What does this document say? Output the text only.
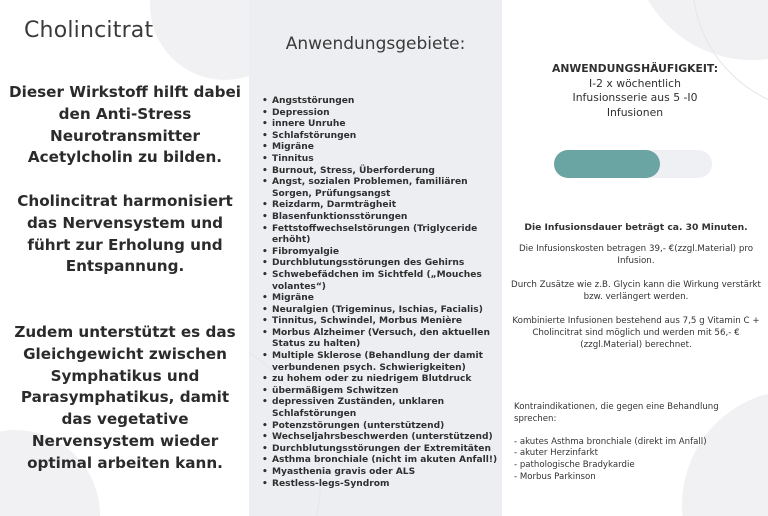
Cholincitrat
Dieser Wirkstoff hilft dabei den Anti-Stress Neurotransmitter Acetylcholin zu bilden.
Cholincitrat harmonisiert das Nervensystem und führt zur Erholung und Entspannung.
Zudem unterstützt es das Gleichgewicht zwischen Symphatikus und Parasymphatikus, damit das vegetative Nervensystem wieder optimal arbeiten kann.
Anwendungsgebiete:
• Angststörungen
• Depression
• innere Unruhe
• Schlafstörungen
• Migräne
• Tinnitus
• Burnout, Stress, Überforderung
• Angst, sozialen Problemen, familiären Sorgen, Prüfungsangst
• Reizdarm, Darmträgheit
• Blasenfunktionsstörungen
• Fettstoffwechselstörungen (Triglyceride erhöht)
• Fibromyalgie
• Durchblutungsstörungen des Gehirns
• Schwebefädchen im Sichtfeld („Mouches volantes“)
• Migräne
• Neuralgien (Trigeminus, Ischias, Facialis)
• Tinnitus, Schwindel, Morbus Menière
• Morbus Alzheimer (Versuch, den aktuellen Status zu halten)
• Multiple Sklerose (Behandlung der damit verbundenen psych. Schwierigkeiten)
• zu hohem oder zu niedrigem Blutdruck
• übermäßigem Schwitzen
• depressiven Zuständen, unklaren Schlafstörungen
• Potenzstörungen (unterstützend)
• Wechseljahrsbeschwerden (unterstützend)
• Durchblutungsstörungen der Extremitäten
• Asthma bronchiale (nicht im akuten Anfall!)
• Myasthenia gravis oder ALS
• Restless-legs-Syndrom
ANWENDUNGSHÄUFIGKEIT:
I-2 x wöchentlich
Infusionsserie aus 5 -I0
Infusionen
Die Infusionsdauer beträgt ca. 30 Minuten.
Die Infusionskosten betragen 39,- €(zzgl.Material) pro Infusion.
Durch Zusätze wie z.B. Glycin kann die Wirkung verstärkt bzw. verlängert werden.
Kombinierte Infusionen bestehend aus 7,5 g Vitamin C + Cholincitrat sind möglich und werden mit 56,- € (zzgl.Material) berechnet.
Kontraindikationen, die gegen eine Behandlung sprechen:
- akutes Asthma bronchiale (direkt im Anfall)
- akuter Herzinfarkt
- pathologische Bradykardie
- Morbus Parkinson
